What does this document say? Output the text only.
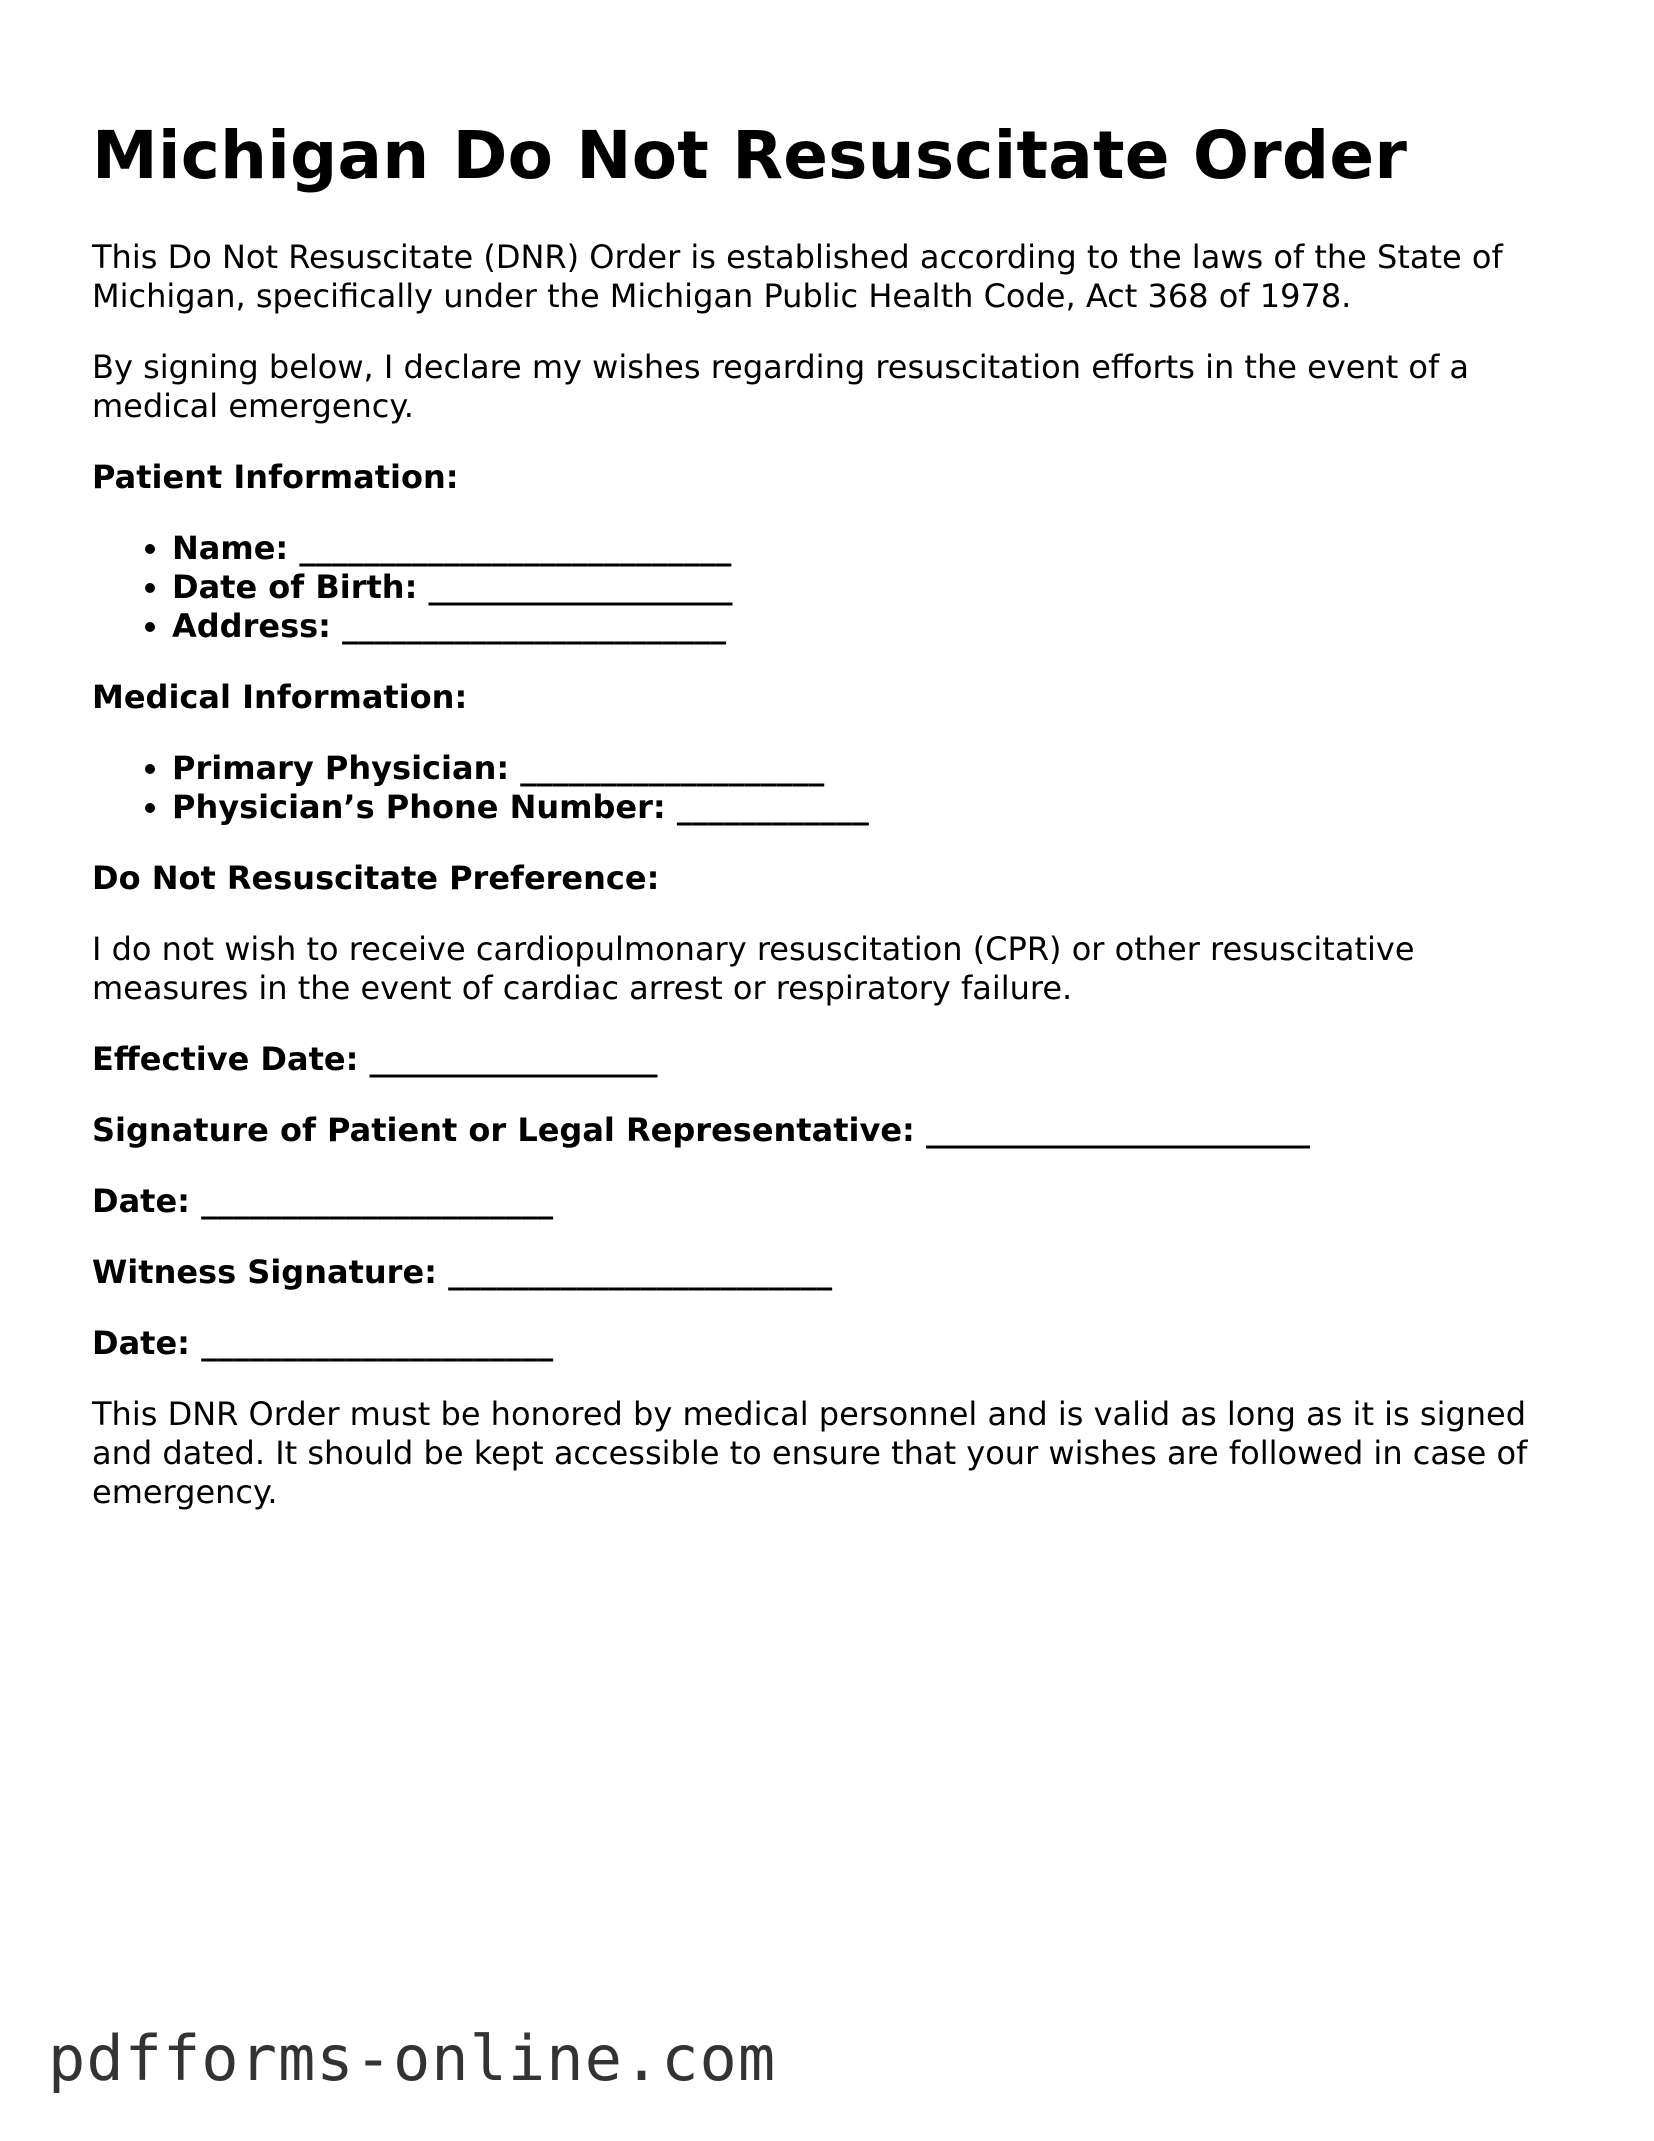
Michigan Do Not Resuscitate Order

This Do Not Resuscitate (DNR) Order is established according to the laws of the State of Michigan, specifically under the Michigan Public Health Code, Act 368 of 1978.

By signing below, I declare my wishes regarding resuscitation efforts in the event of a medical emergency.

Patient Information:

• Name: ___________________________
• Date of Birth: ___________________
• Address: ________________________

Medical Information:

• Primary Physician: ___________________
• Physician’s Phone Number: ____________

Do Not Resuscitate Preference:

I do not wish to receive cardiopulmonary resuscitation (CPR) or other resuscitative measures in the event of cardiac arrest or respiratory failure.

Effective Date: __________________

Signature of Patient or Legal Representative: ________________________

Date: ______________________

Witness Signature: ________________________

Date: ______________________

This DNR Order must be honored by medical personnel and is valid as long as it is signed and dated. It should be kept accessible to ensure that your wishes are followed in case of emergency.

pdfforms-online.com
